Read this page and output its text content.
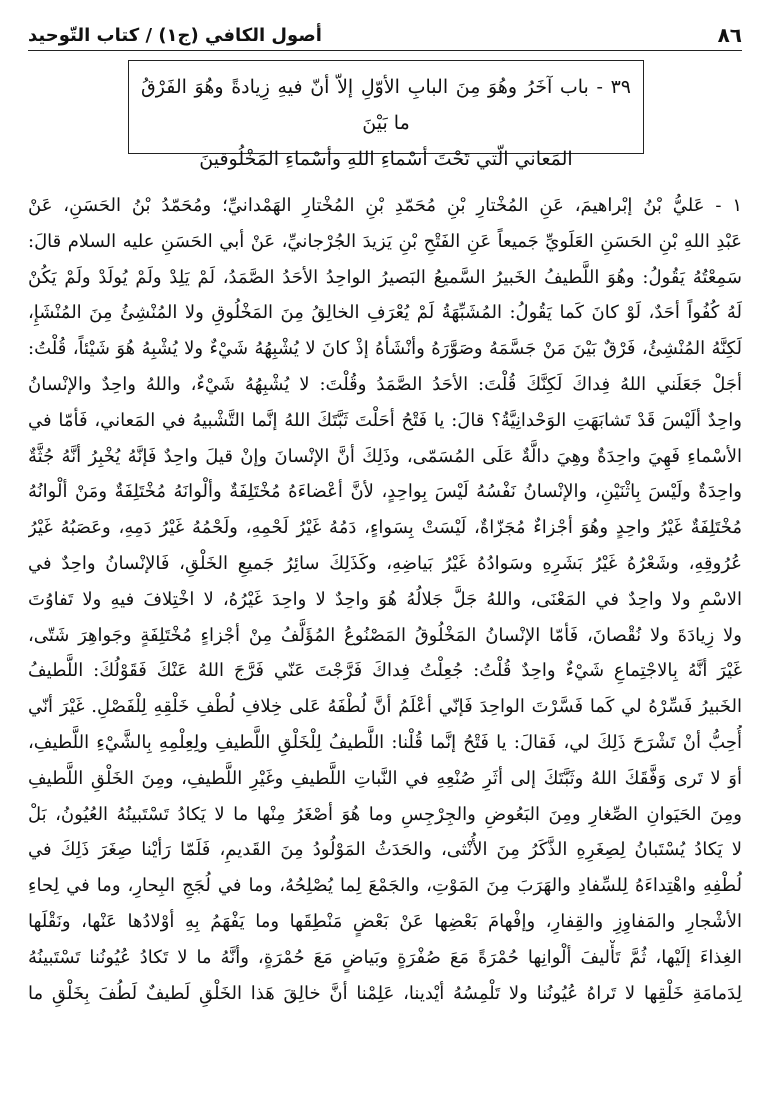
٨٦
أصول الكافي (ج١) / كتاب التّوحيد
٣٩ - باب آخَرُ وهُوَ مِنَ البابِ الأوّلِ إلاّ أنّ فيهِ زِيادةً وهُوَ الفَرْقُ ما بَيْنَ
المَعاني الّتي تَحْتَ أسْماءِ اللهِ وأسْماءِ المَخْلُوقينَ
١ - عَليُّ بْنُ إبْراهيمَ، عَنِ المُخْتارِ بْنِ مُحَمّدِ بْنِ المُخْتارِ الهَمْدانيِّ؛ ومُحَمّدُ بْنُ الحَسَنِ، عَنْ
عَبْدِ اللهِ بْنِ الحَسَنِ العَلَويِّ جَميعاً عَنِ الفَتْحِ بْنِ يَزيدَ الجُرْجانيِّ، عَنْ أبي الحَسَنِ عليه السلام قالَ:
سَمِعْتُهُ يَقُولُ: وهُوَ اللَّطيفُ الخَبيرُ السَّميعُ البَصيرُ الواحِدُ الأحَدُ الصَّمَدُ، لَمْ يَلِدْ ولَمْ يُولَدْ ولَمْ يَكُنْ
لَهُ كُفُواً أحَدٌ، لَوْ كانَ كَما يَقُولُ: المُشَبِّهَةُ لَمْ يُعْرَفِ الخالِقُ مِنَ المَخْلُوقِ ولا المُنْشِئُ مِنَ المُنْشَإِ،
لَكِنَّهُ المُنْشِئُ، فَرْقٌ بَيْنَ مَنْ جَسَّمَهُ وصَوَّرَهُ وأنْشَأهُ إذْ كانَ لا يُشْبِهُهُ شَيْءٌ ولا يُشْبِهُ هُوَ شَيْئاً، قُلْتُ:
أجَلْ جَعَلَني اللهُ فِداكَ لَكِنَّكَ قُلْتَ: الأحَدُ الصَّمَدُ وقُلْتَ: لا يُشْبِهُهُ شَيْءٌ، واللهُ واحِدٌ والإنْسانُ
واحِدٌ ألَيْسَ قَدْ تَشابَهَتِ الوَحْدانِيَّةُ؟ قالَ: يا فَتْحُ أحَلْتَ ثَبَّتَكَ اللهُ إنَّما التَّشْبيهُ في المَعاني، فَأمّا في
الأسْماءِ فَهِيَ واحِدَةٌ وهِيَ دالَّةٌ عَلَى المُسَمّى، وذَلِكَ أنَّ الإنْسانَ وإنْ قيلَ واحِدٌ فَإنَّهُ يُخْبِرُ أنَّهُ جُثَّةٌ
واحِدَةٌ ولَيْسَ بِاثْنَيْنِ، والإنْسانُ نَفْسُهُ لَيْسَ بِواحِدٍ، لأنَّ أعْضاءَهُ مُخْتَلِفَةٌ وألْوانَهُ مُخْتَلِفَةٌ ومَنْ ألْوانُهُ
مُخْتَلِفَةٌ غَيْرُ واحِدٍ وهُوَ أجْزاءٌ مُجَزّاةٌ، لَيْسَتْ بِسَواءٍ، دَمُهُ غَيْرُ لَحْمِهِ، ولَحْمُهُ غَيْرُ دَمِهِ، وعَصَبُهُ غَيْرُ
عُرُوقِهِ، وشَعْرُهُ غَيْرُ بَشَرِهِ وسَوادُهُ غَيْرُ بَياضِهِ، وكَذَلِكَ سائِرُ جَميعِ الخَلْقِ، فَالإنْسانُ واحِدٌ في
الاسْمِ ولا واحِدٌ في المَعْنَى، واللهُ جَلَّ جَلالُهُ هُوَ واحِدٌ لا واحِدَ غَيْرُهُ، لا اخْتِلافَ فيهِ ولا تَفاوُتَ
ولا زِيادَةَ ولا نُقْصانَ، فَأمّا الإنْسانُ المَخْلُوقُ المَصْنُوعُ المُؤَلَّفُ مِنْ أجْزاءٍ مُخْتَلِفَةٍ وجَواهِرَ شَتّى،
غَيْرَ أنَّهُ بِالاجْتِماعِ شَيْءٌ واحِدٌ قُلْتُ: جُعِلْتُ فِداكَ فَرَّجْتَ عَنّي فَرَّجَ اللهُ عَنْكَ فَقَوْلُكَ: اللَّطيفُ
الخَبيرُ فَسِّرْهُ لي كَما فَسَّرْتَ الواحِدَ فَإنّي أعْلَمُ أنَّ لُطْفَهُ عَلى خِلافِ لُطْفِ خَلْقِهِ لِلْفَصْلِ. غَيْرَ أنّي
أُحِبُّ أنْ تَشْرَحَ ذَلِكَ لي، فَقالَ: يا فَتْحُ إنَّما قُلْنا: اللَّطيفُ لِلْخَلْقِ اللَّطيفِ ولِعِلْمِهِ بِالشَّيْءِ اللَّطيفِ،
أوَ لا تَرى وَفَّقَكَ اللهُ وثَبَّتَكَ إلى أثَرِ صُنْعِهِ في النَّباتِ اللَّطيفِ وغَيْرِ اللَّطيفِ، ومِنَ الخَلْقِ اللَّطيفِ
ومِنَ الحَيَوانِ الصِّغارِ ومِنَ البَعُوضِ والجِرْجِسِ وما هُوَ أصْغَرُ مِنْها ما لا يَكادُ تَسْتَبينُهُ العُيُونُ، بَلْ
لا يَكادُ يُسْتَبانُ لِصِغَرِهِ الذَّكَرُ مِنَ الأُنْثى، والحَدَثُ المَوْلُودُ مِنَ القَديمِ، فَلَمّا رَأيْنا صِغَرَ ذَلِكَ في
لُطْفِهِ واهْتِداءَهُ لِلسِّفادِ والهَرَبَ مِنَ المَوْتِ، والجَمْعَ لِما يُصْلِحُهُ، وما في لُجَجِ البِحارِ، وما في لِحاءِ
الأشْجارِ والمَفاوِزِ والقِفارِ، وإفْهامَ بَعْضِها عَنْ بَعْضٍ مَنْطِقَها وما يَفْهَمُ بِهِ أوْلادُها عَنْها، ونَقْلَها
الغِذاءَ إلَيْها، ثُمَّ تَأْليفَ ألْوانِها حُمْرَةً مَعَ صُفْرَةٍ وبَياضٍ مَعَ حُمْرَةٍ، وأنَّهُ ما لا تَكادُ عُيُونُنا تَسْتَبينُهُ
لِدَمامَةِ خَلْقِها لا تَراهُ عُيُونُنا ولا تَلْمِسُهُ أيْدينا، عَلِمْنا أنَّ خالِقَ هَذا الخَلْقِ لَطيفٌ لَطُفَ بِخَلْقِ ما
